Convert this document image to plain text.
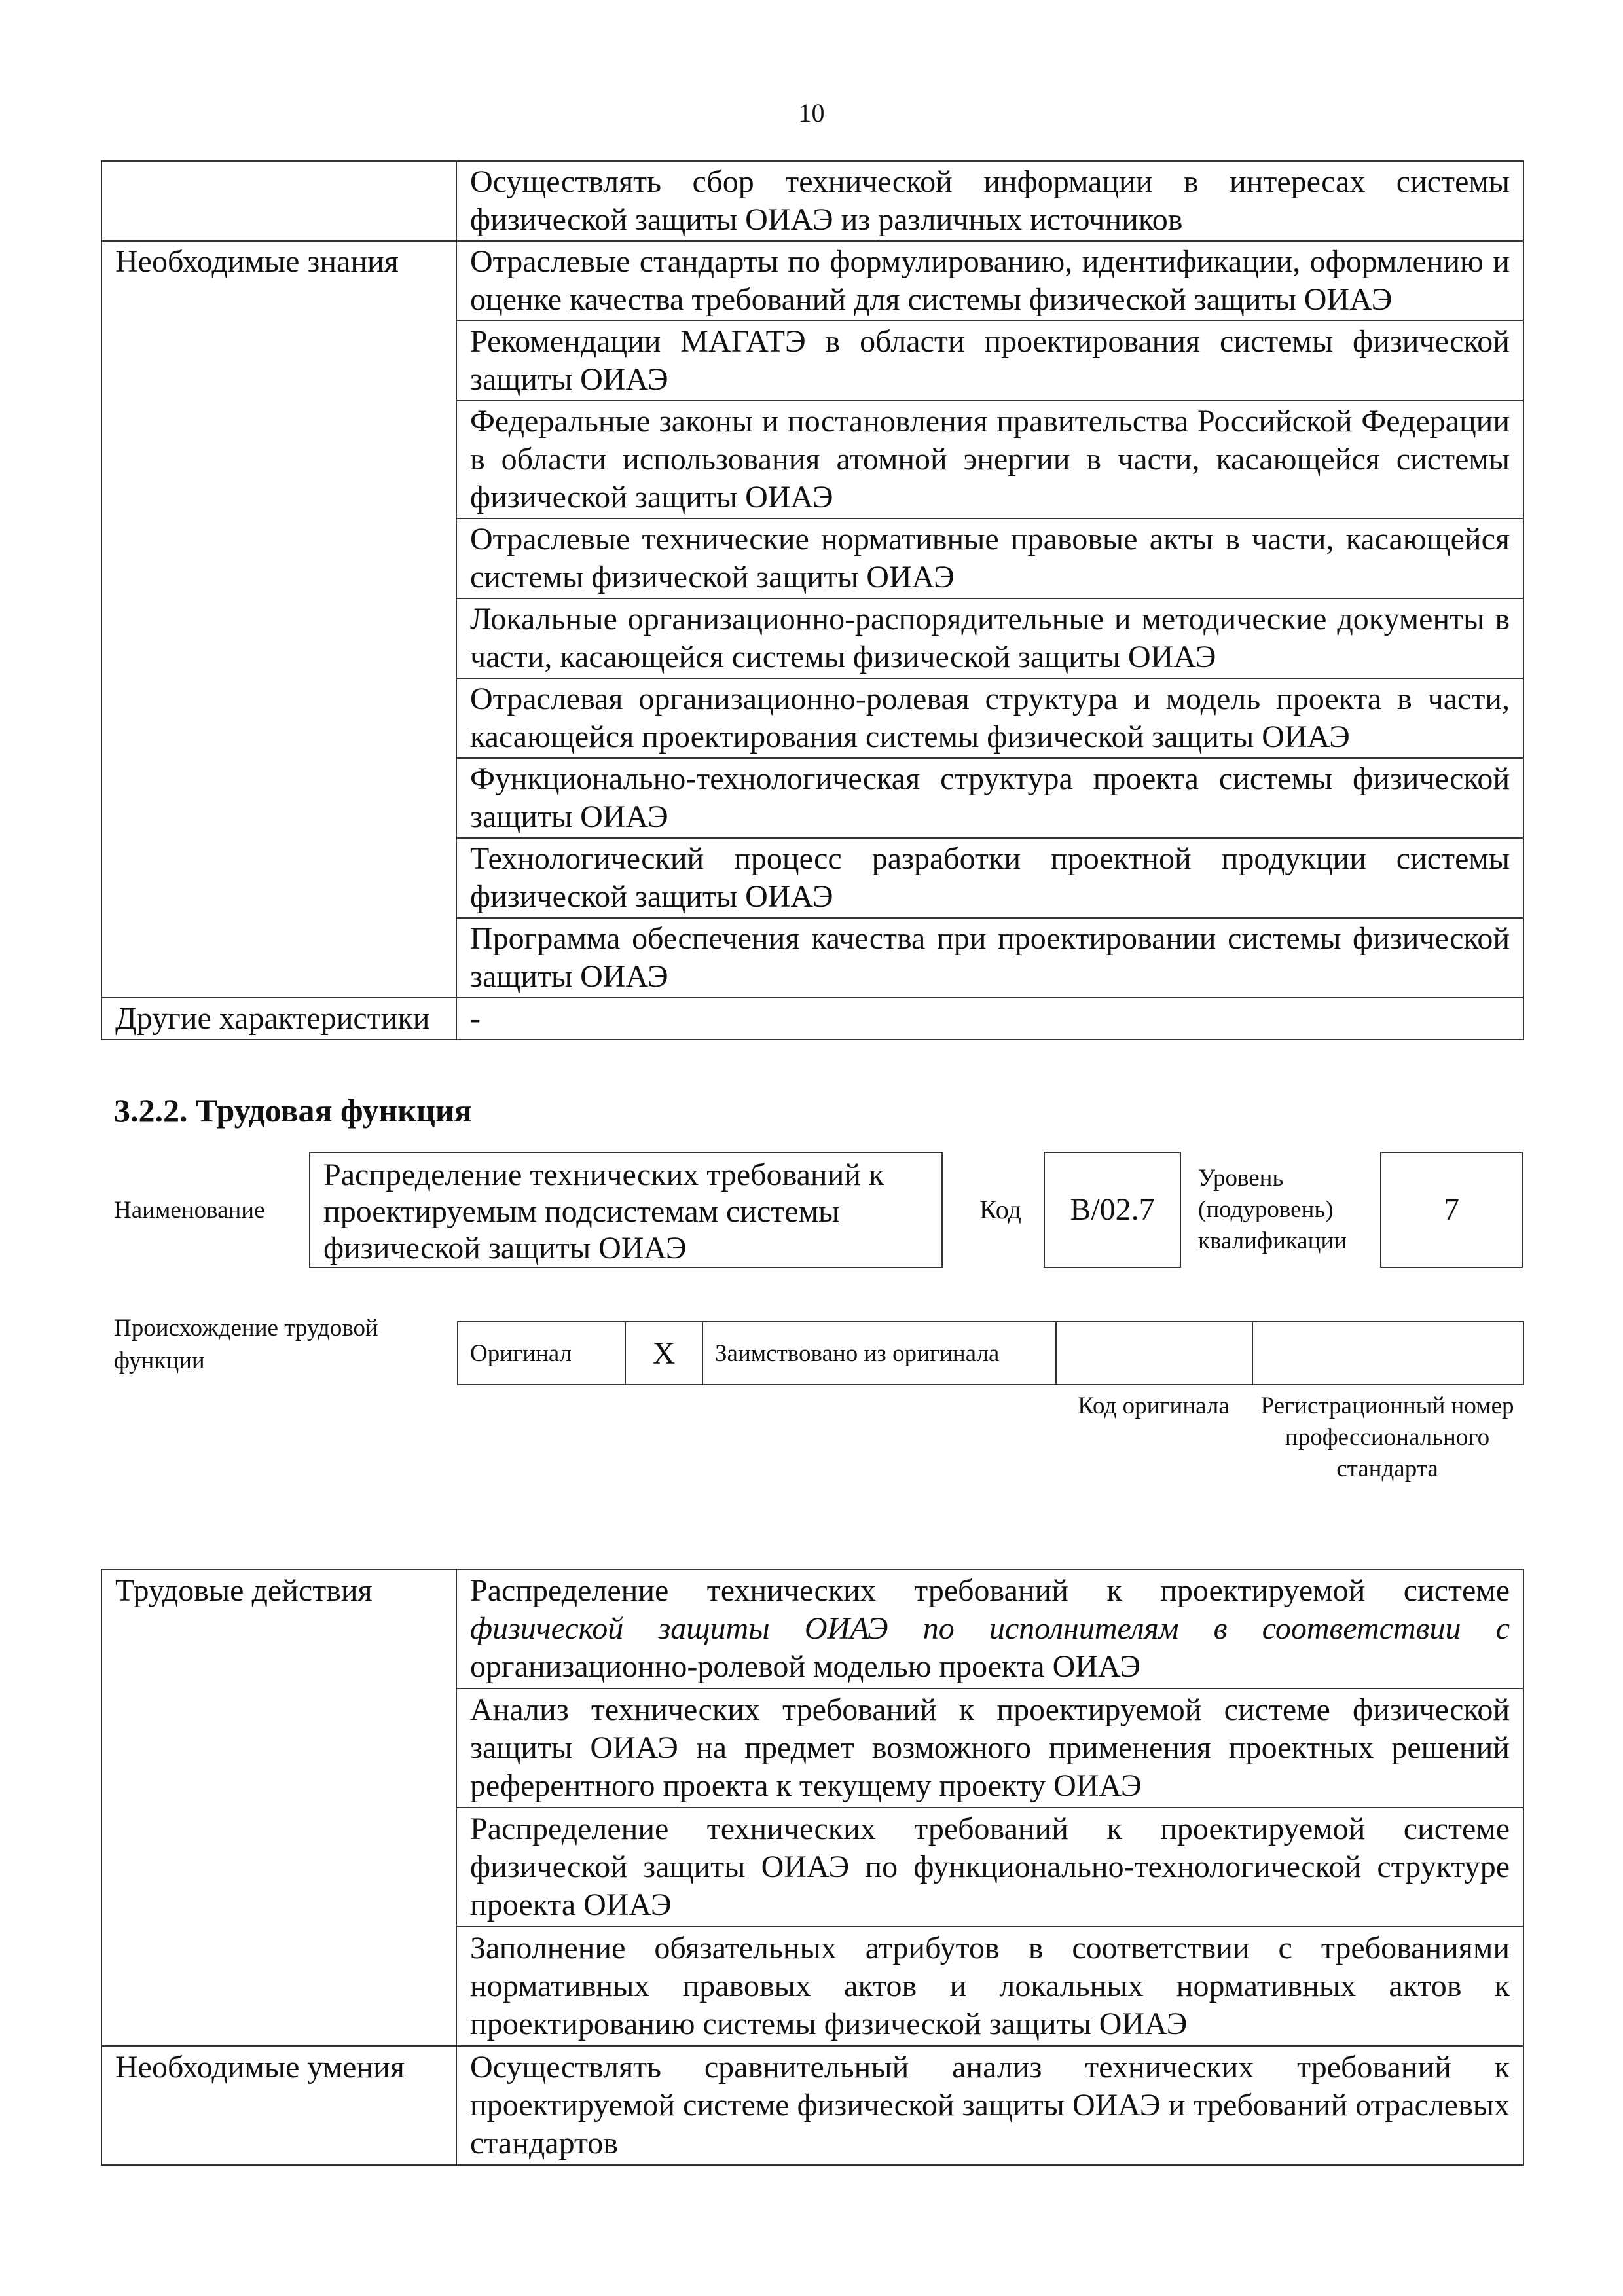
10
	Осуществлять сбор технической информации в интересах системы физической защиты ОИАЭ из различных источников
Необходимые знания	Отраслевые стандарты по формулированию, идентификации, оформлению и оценке качества требований для системы физической защиты ОИАЭ
	Рекомендации МАГАТЭ в области проектирования системы физической защиты ОИАЭ
	Федеральные законы и постановления правительства Российской Федерации в области использования атомной энергии в части, касающейся системы физической защиты ОИАЭ
	Отраслевые технические нормативные правовые акты в части, касающейся системы физической защиты ОИАЭ
	Локальные организационно-распорядительные и методические документы в части, касающейся системы физической защиты ОИАЭ
	Отраслевая организационно-ролевая структура и модель проекта в части, касающейся проектирования системы физической защиты ОИАЭ
	Функционально-технологическая структура проекта системы физической защиты ОИАЭ
	Технологический процесс разработки проектной продукции системы физической защиты ОИАЭ
	Программа обеспечения качества при проектировании системы физической защиты ОИАЭ
Другие характеристики	-
3.2.2. Трудовая функция
Наименование
Распределение технических требований к проектируемым подсистемам системы физической защиты ОИАЭ
Код	B/02.7
Уровень (подуровень) квалификации
7
Происхождение трудовой функции	Оригинал	X	Заимствовано из оригинала		
Код оригинала	Регистрационный номер профессионального стандарта
Трудовые действия	Распределение технических требований к проектируемой системе физической защиты ОИАЭ по исполнителям в соответствии с организационно-ролевой моделью проекта ОИАЭ
	Анализ технических требований к проектируемой системе физической защиты ОИАЭ на предмет возможного применения проектных решений референтного проекта к текущему проекту ОИАЭ
	Распределение технических требований к проектируемой системе физической защиты ОИАЭ по функционально-технологической структуре проекта ОИАЭ
	Заполнение обязательных атрибутов в соответствии с требованиями нормативных правовых актов и локальных нормативных актов к проектированию системы физической защиты ОИАЭ
Необходимые умения	Осуществлять сравнительный анализ технических требований к проектируемой системе физической защиты ОИАЭ и требований отраслевых стандартов
